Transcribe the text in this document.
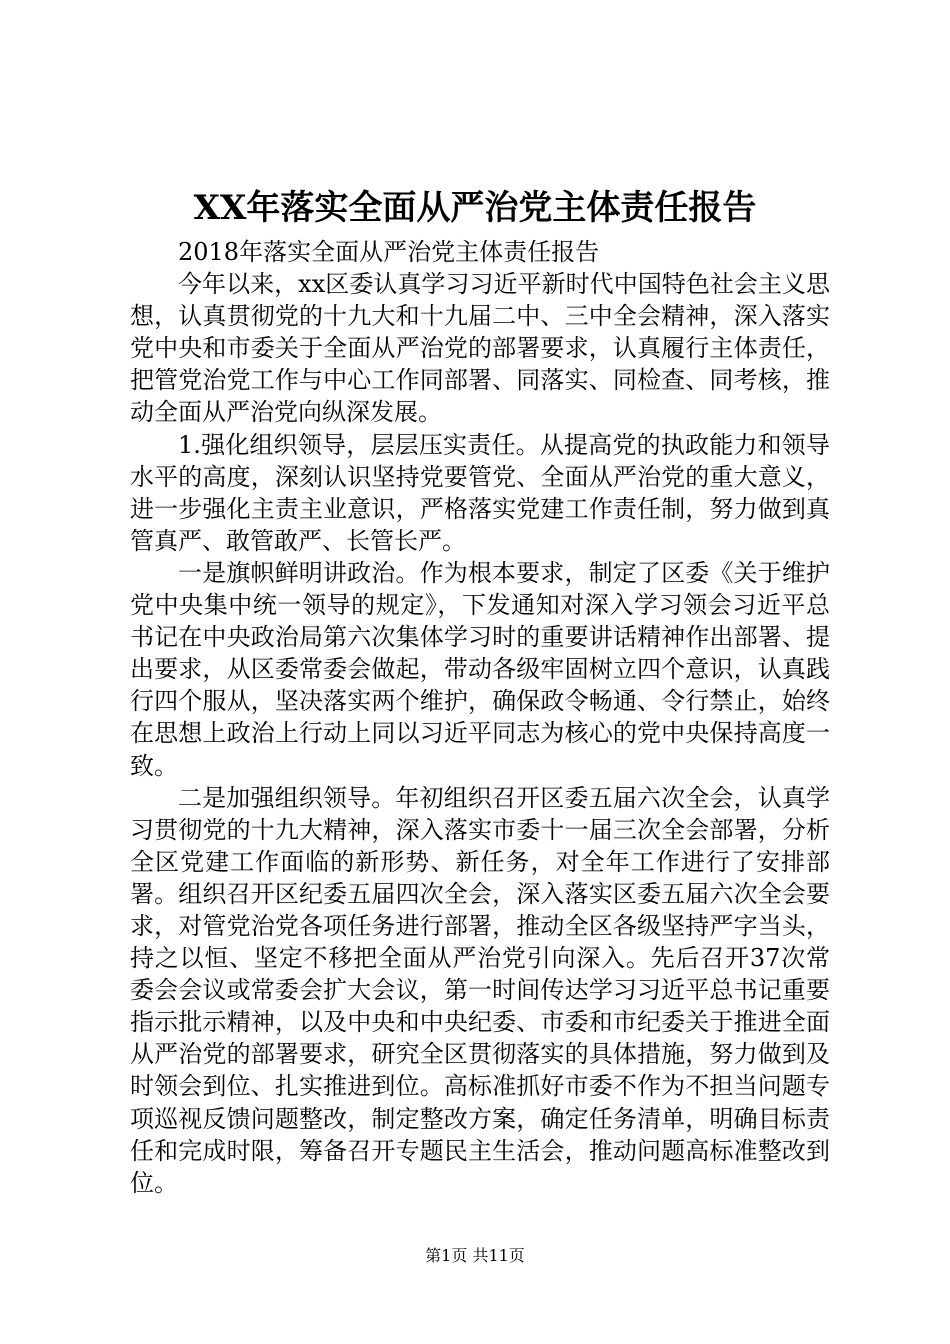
XX年落实全面从严治党主体责任报告

2018年落实全面从严治党主体责任报告

今年以来，xx区委认真学习习近平新时代中国特色社会主义思想，认真贯彻党的十九大和十九届二中、三中全会精神，深入落实党中央和市委关于全面从严治党的部署要求，认真履行主体责任，把管党治党工作与中心工作同部署、同落实、同检查、同考核，推动全面从严治党向纵深发展。

1.强化组织领导，层层压实责任。从提高党的执政能力和领导水平的高度，深刻认识坚持党要管党、全面从严治党的重大意义，进一步强化主责主业意识，严格落实党建工作责任制，努力做到真管真严、敢管敢严、长管长严。

一是旗帜鲜明讲政治。作为根本要求，制定了区委《关于维护党中央集中统一领导的规定》，下发通知对深入学习领会习近平总书记在中央政治局第六次集体学习时的重要讲话精神作出部署、提出要求，从区委常委会做起，带动各级牢固树立四个意识，认真践行四个服从，坚决落实两个维护，确保政令畅通、令行禁止，始终在思想上政治上行动上同以习近平同志为核心的党中央保持高度一致。

二是加强组织领导。年初组织召开区委五届六次全会，认真学习贯彻党的十九大精神，深入落实市委十一届三次全会部署，分析全区党建工作面临的新形势、新任务，对全年工作进行了安排部署。组织召开区纪委五届四次全会，深入落实区委五届六次全会要求，对管党治党各项任务进行部署，推动全区各级坚持严字当头，持之以恒、坚定不移把全面从严治党引向深入。先后召开37次常委会会议或常委会扩大会议，第一时间传达学习习近平总书记重要指示批示精神，以及中央和中央纪委、市委和市纪委关于推进全面从严治党的部署要求，研究全区贯彻落实的具体措施，努力做到及时领会到位、扎实推进到位。高标准抓好市委不作为不担当问题专项巡视反馈问题整改，制定整改方案，确定任务清单，明确目标责任和完成时限，筹备召开专题民主生活会，推动问题高标准整改到位。

第1页 共11页
